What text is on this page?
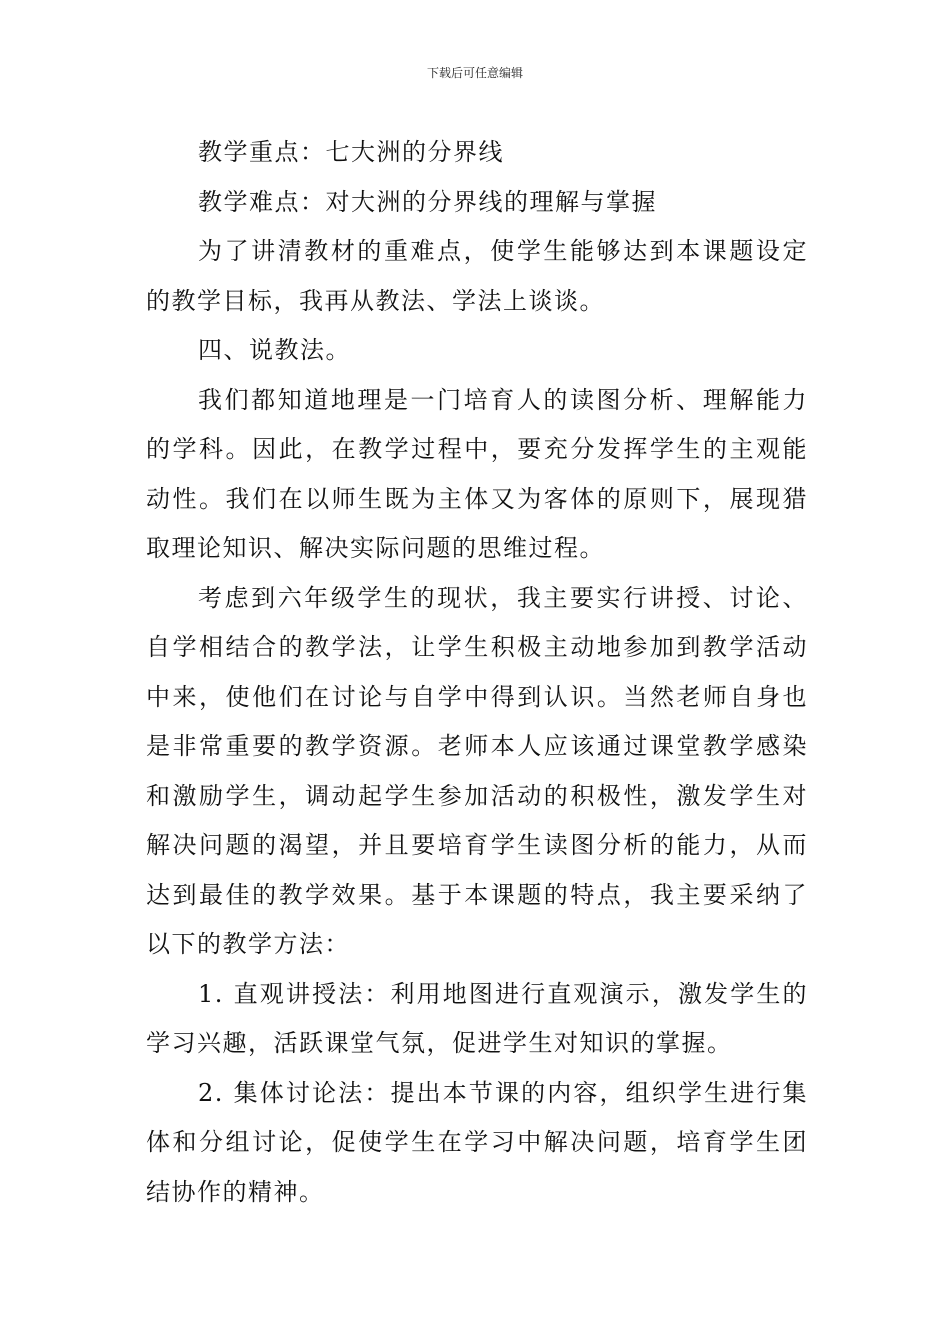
下载后可任意编辑

教学重点：七大洲的分界线

教学难点：对大洲的分界线的理解与掌握

为了讲清教材的重难点，使学生能够达到本课题设定的教学目标，我再从教法、学法上谈谈。

四、说教法。

我们都知道地理是一门培育人的读图分析、理解能力的学科。因此，在教学过程中，要充分发挥学生的主观能动性。我们在以师生既为主体又为客体的原则下，展现猎取理论知识、解决实际问题的思维过程。

考虑到六年级学生的现状，我主要实行讲授、讨论、自学相结合的教学法，让学生积极主动地参加到教学活动中来，使他们在讨论与自学中得到认识。当然老师自身也是非常重要的教学资源。老师本人应该通过课堂教学感染和激励学生，调动起学生参加活动的积极性，激发学生对解决问题的渴望，并且要培育学生读图分析的能力，从而达到最佳的教学效果。基于本课题的特点，我主要采纳了以下的教学方法：

1. 直观讲授法：利用地图进行直观演示，激发学生的学习兴趣，活跃课堂气氛，促进学生对知识的掌握。

2. 集体讨论法：提出本节课的内容，组织学生进行集体和分组讨论，促使学生在学习中解决问题，培育学生团结协作的精神。
